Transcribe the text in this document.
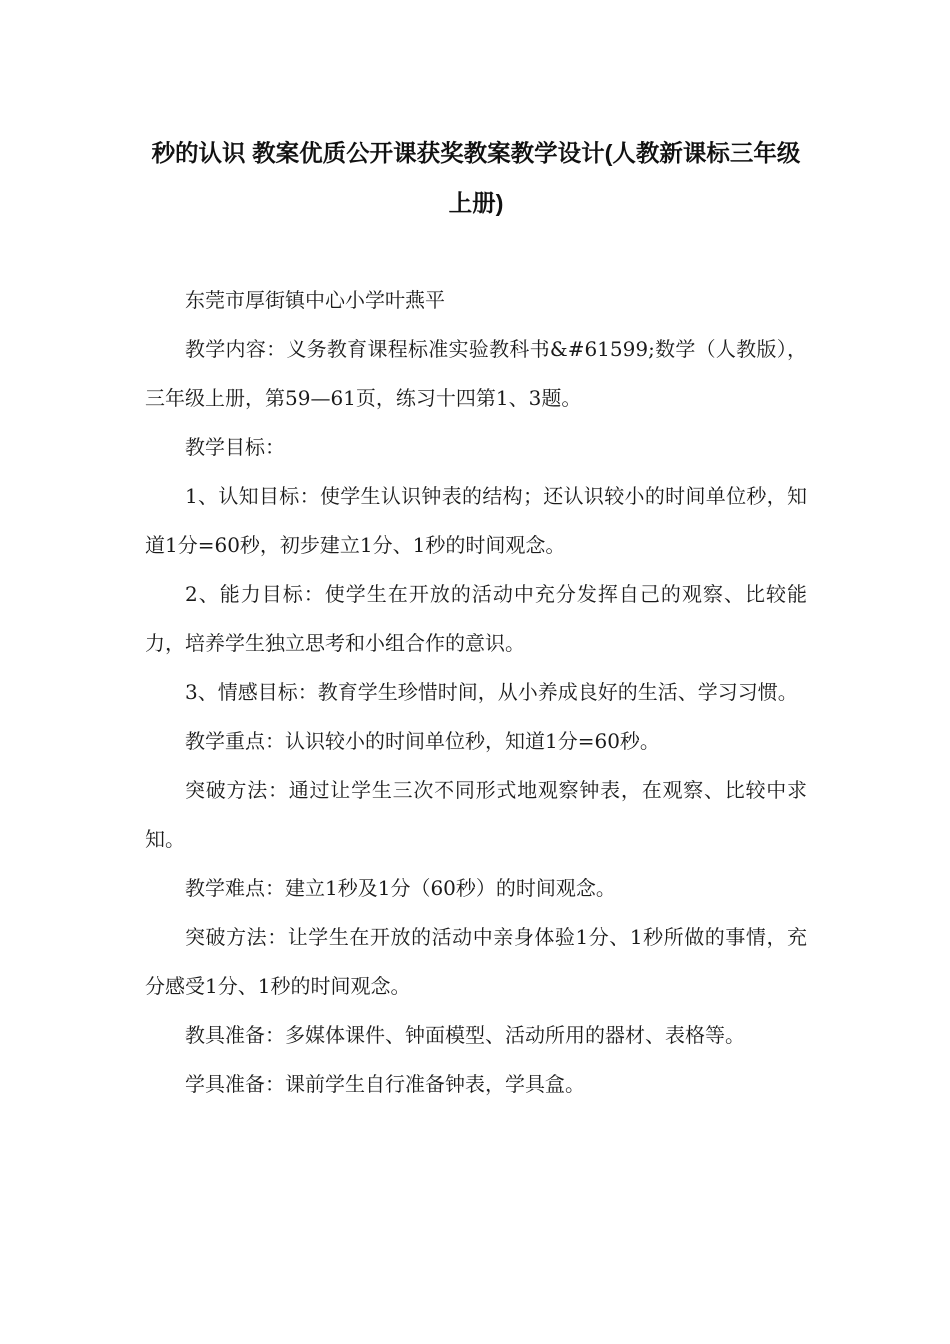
秒的认识 教案优质公开课获奖教案教学设计(人教新课标三年级上册)

东莞市厚街镇中心小学叶燕平

教学内容：义务教育课程标准实验教科书&#61599;数学（人教版），三年级上册，第59—61页，练习十四第1、3题。

教学目标：

1、认知目标：使学生认识钟表的结构；还认识较小的时间单位秒，知道1分=60秒，初步建立1分、1秒的时间观念。

2、能力目标：使学生在开放的活动中充分发挥自己的观察、比较能力，培养学生独立思考和小组合作的意识。

3、情感目标：教育学生珍惜时间，从小养成良好的生活、学习习惯。

教学重点：认识较小的时间单位秒，知道1分=60秒。

突破方法：通过让学生三次不同形式地观察钟表，在观察、比较中求知。

教学难点：建立1秒及1分（60秒）的时间观念。

突破方法：让学生在开放的活动中亲身体验1分、1秒所做的事情，充分感受1分、1秒的时间观念。

教具准备：多媒体课件、钟面模型、活动所用的器材、表格等。

学具准备：课前学生自行准备钟表，学具盒。
